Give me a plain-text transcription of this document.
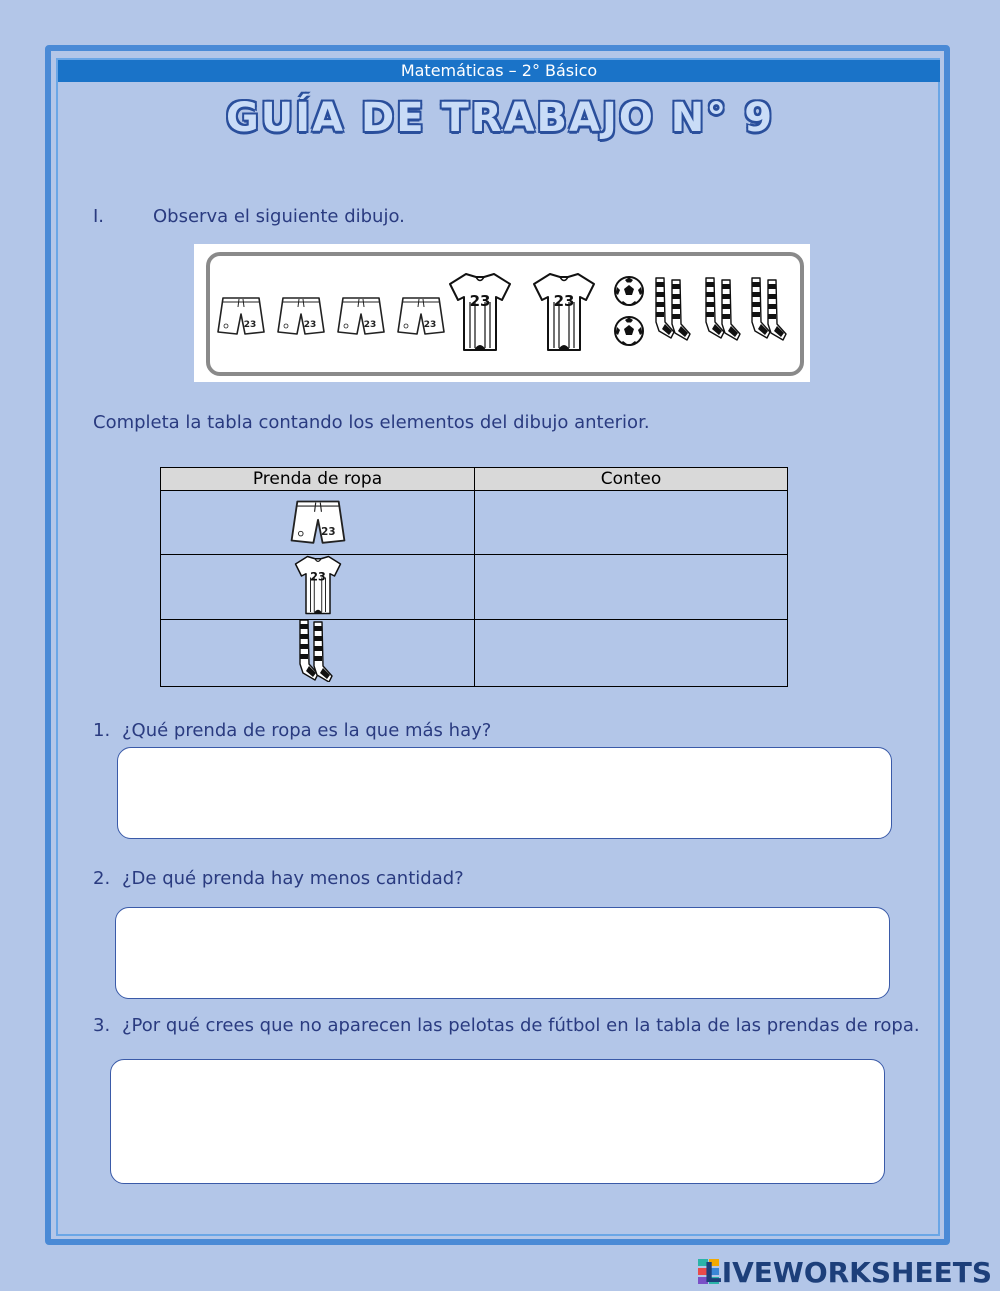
Matemáticas – 2° Básico
GUÍA DE TRABAJO N° 9
I.	Observa el siguiente dibujo.
Completa la tabla contando los elementos del dibujo anterior.
Prenda de ropa	Conteo

1. ¿Qué prenda de ropa es la que más hay?
2. ¿De qué prenda hay menos cantidad?
3. ¿Por qué crees que no aparecen las pelotas de fútbol en la tabla de las prendas de ropa.
LIVEWORKSHEETS
